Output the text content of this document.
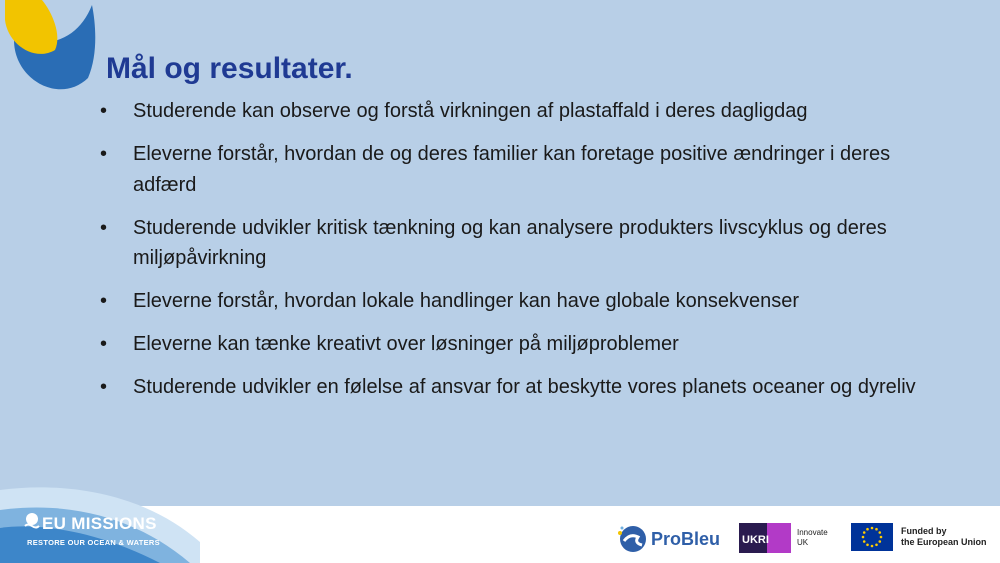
Mål og resultater.
• Studerende kan observe og forstå virkningen af plastaffald i deres dagligdag
• Eleverne forstår, hvordan de og deres familier kan foretage positive ændringer i deres adfærd
• Studerende udvikler kritisk tænkning og kan analysere produkters livscyklus og deres miljøpåvirkning
• Eleverne forstår, hvordan lokale handlinger kan have globale konsekvenser
• Eleverne kan tænke kreativt over løsninger på miljøproblemer
• Studerende udvikler en følelse af ansvar for at beskytte vores planets oceaner og dyreliv
EU MISSIONS
RESTORE OUR OCEAN & WATERS	ProBleu UKRI
Innovate
UK
Funded by
the European Union
